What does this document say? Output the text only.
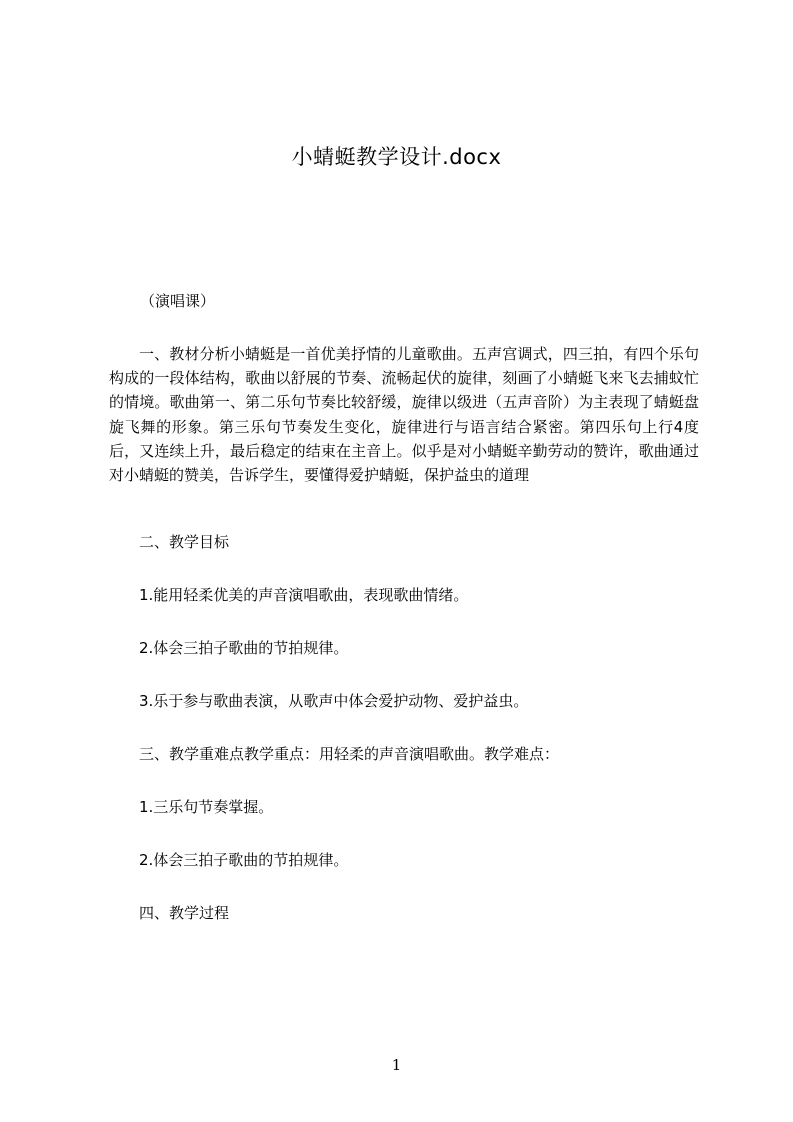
小蜻蜓教学设计.docx

（演唱课）

一、教材分析小蜻蜓是一首优美抒情的儿童歌曲。五声宫调式，四三拍，有四个乐句构成的一段体结构，歌曲以舒展的节奏、流畅起伏的旋律，刻画了小蜻蜓飞来飞去捕蚊忙的情境。歌曲第一、第二乐句节奏比较舒缓，旋律以级进（五声音阶）为主表现了蜻蜓盘旋飞舞的形象。第三乐句节奏发生变化，旋律进行与语言结合紧密。第四乐句上行4度后，又连续上升，最后稳定的结束在主音上。似乎是对小蜻蜓辛勤劳动的赞许，歌曲通过对小蜻蜓的赞美，告诉学生，要懂得爱护蜻蜓，保护益虫的道理

二、教学目标

1.能用轻柔优美的声音演唱歌曲，表现歌曲情绪。

2.体会三拍子歌曲的节拍规律。

3.乐于参与歌曲表演，从歌声中体会爱护动物、爱护益虫。

三、教学重难点教学重点：用轻柔的声音演唱歌曲。教学难点：

1.三乐句节奏掌握。

2.体会三拍子歌曲的节拍规律。

四、教学过程

1
